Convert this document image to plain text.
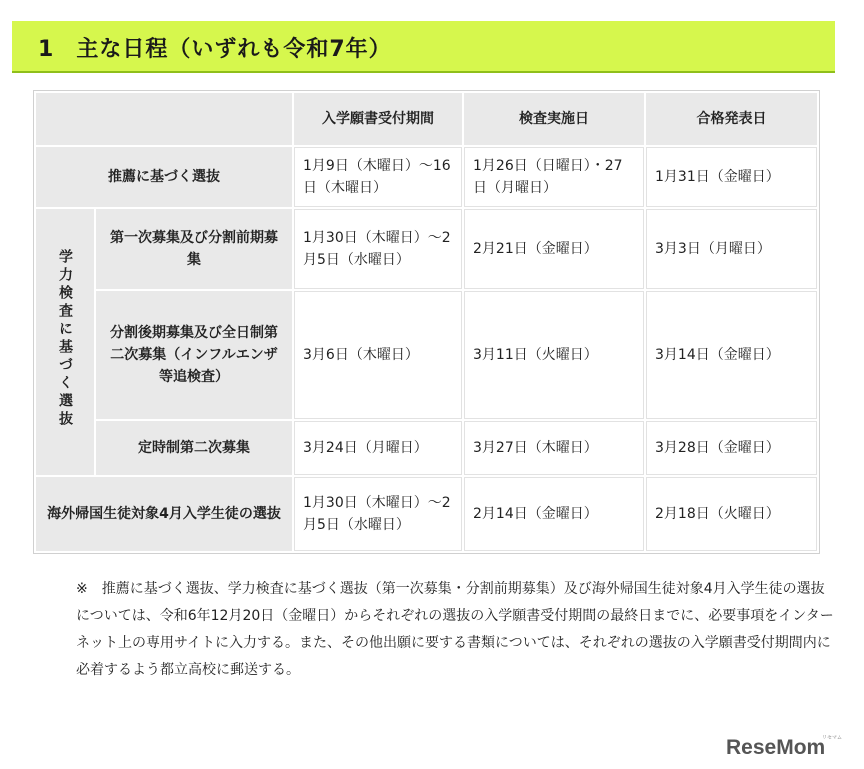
1 主な日程（いずれも令和7年）
		入学願書受付期間	検査実施日	合格発表日
推薦に基づく選抜		1月9日（木曜日）～16日（木曜日）	1月26日（日曜日）・27日（月曜日）	1月31日（金曜日）
学力検査に基づく選抜	第一次募集及び分割前期募集	1月30日（木曜日）～2月5日（水曜日）	2月21日（金曜日）	3月3日（月曜日）
	分割後期募集及び全日制第二次募集（インフルエンザ等追検査）	3月6日（木曜日）	3月11日（火曜日）	3月14日（金曜日）
	定時制第二次募集	3月24日（月曜日）	3月27日（木曜日）	3月28日（金曜日）
海外帰国生徒対象4月入学生徒の選抜		1月30日（木曜日）～2月5日（水曜日）	2月14日（金曜日）	2月18日（火曜日）
※ 推薦に基づく選抜、学力検査に基づく選抜（第一次募集・分割前期募集）及び海外帰国生徒対象4月入学生徒の選抜については、令和6年12月20日（金曜日）からそれぞれの選抜の入学願書受付期間の最終日までに、必要事項をインターネット上の専用サイトに入力する。また、その他出願に要する書類については、それぞれの選抜の入学願書受付期間内に必着するよう都立高校に郵送する。
ReseMom
リセマム
